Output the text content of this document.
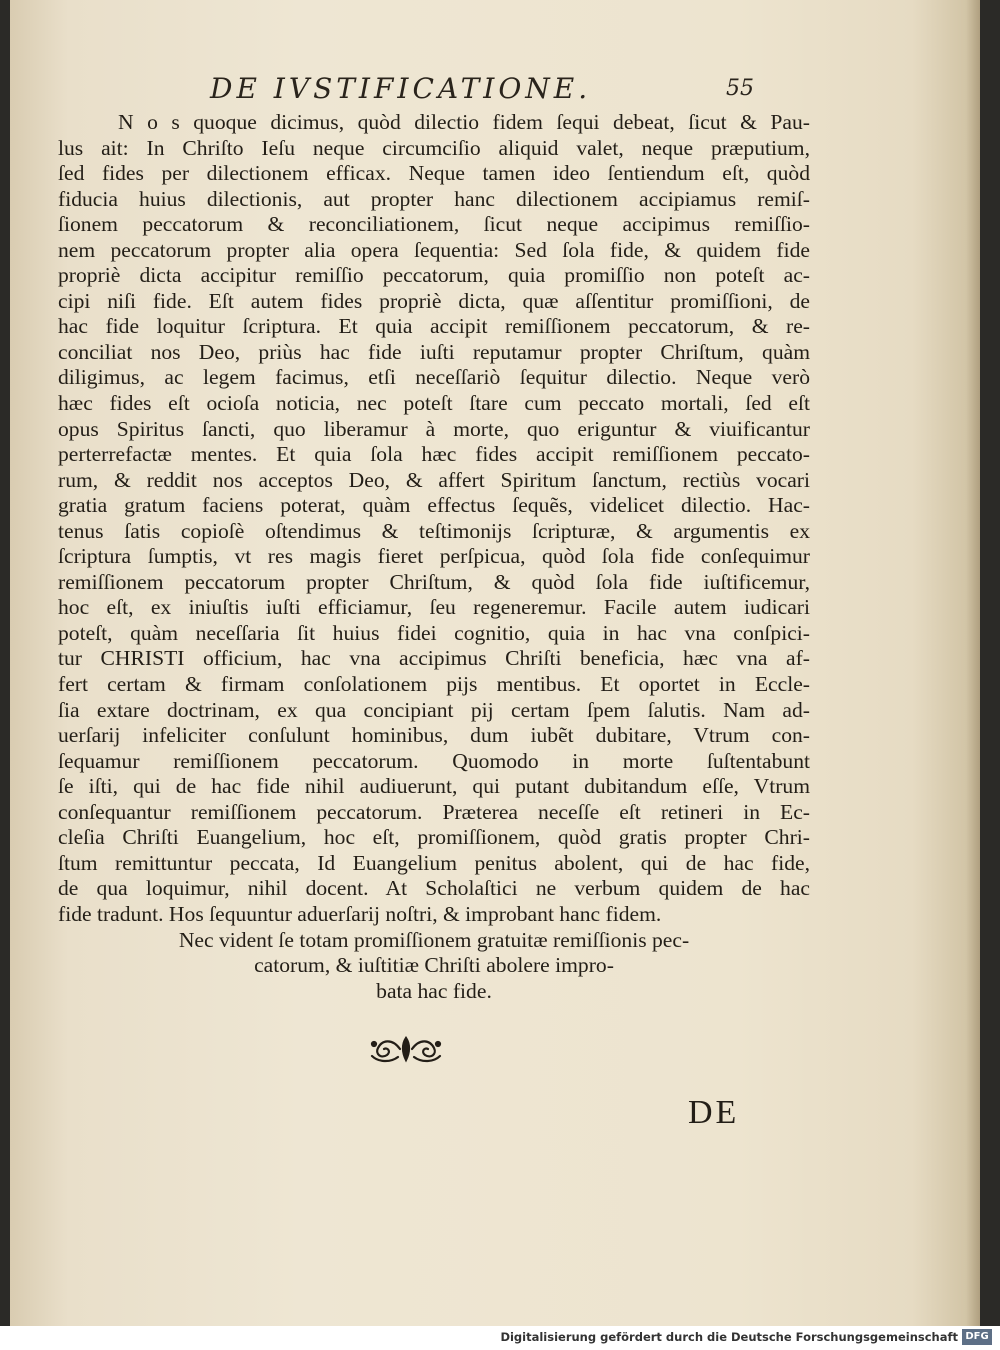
DE IVSTIFICATIONE.	55
N o s quoque dicimus, quòd dilectio fidem ſequi debeat, ſicut & Pau-
lus ait: In Chriſto Ieſu neque circumciſio aliquid valet, neque præputium,
ſed fides per dilectionem efficax. Neque tamen ideo ſentiendum eſt, quòd
fiducia huius dilectionis, aut propter hanc dilectionem accipiamus remiſ-
ſionem peccatorum & reconciliationem, ſicut neque accipimus remiſſio-
nem peccatorum propter alia opera ſequentia: Sed ſola fide, & quidem fide
propriè dicta accipitur remiſſio peccatorum, quia promiſſio non poteſt ac-
cipi niſi fide. Eſt autem fides propriè dicta, quæ aſſentitur promiſſioni, de
hac fide loquitur ſcriptura. Et quia accipit remiſſionem peccatorum, & re-
conciliat nos Deo, priùs hac fide iuſti reputamur propter Chriſtum, quàm
diligimus, ac legem facimus, etſi neceſſariò ſequitur dilectio. Neque verò
hæc fides eſt ocioſa noticia, nec poteſt ſtare cum peccato mortali, ſed eſt
opus Spiritus ſancti, quo liberamur à morte, quo eriguntur & viuificantur
perterrefactæ mentes. Et quia ſola hæc fides accipit remiſſionem peccato-
rum, & reddit nos acceptos Deo, & affert Spiritum ſanctum, rectiùs vocari
gratia gratum faciens poterat, quàm effectus ſequẽs, videlicet dilectio. Hac-
tenus ſatis copioſè oſtendimus & teſtimonijs ſcripturæ, & argumentis ex
ſcriptura ſumptis, vt res magis fieret perſpicua, quòd ſola fide conſequimur
remiſſionem peccatorum propter Chriſtum, & quòd ſola fide iuſtificemur,
hoc eſt, ex iniuſtis iuſti efficiamur, ſeu regeneremur. Facile autem iudicari
poteſt, quàm neceſſaria ſit huius fidei cognitio, quia in hac vna conſpici-
tur CHRISTI officium, hac vna accipimus Chriſti beneficia, hæc vna af-
fert certam & firmam conſolationem pijs mentibus. Et oportet in Eccle-
ſia extare doctrinam, ex qua concipiant pij certam ſpem ſalutis. Nam ad-
uerſarij infeliciter conſulunt hominibus, dum iubẽt dubitare, Vtrum con-
ſequamur remiſſionem peccatorum. Quomodo in morte ſuſtentabunt
ſe iſti, qui de hac fide nihil audiuerunt, qui putant dubitandum eſſe, Vtrum
conſequantur remiſſionem peccatorum. Præterea neceſſe eſt retineri in Ec-
cleſia Chriſti Euangelium, hoc eſt, promiſſionem, quòd gratis propter Chri-
ſtum remittuntur peccata, Id Euangelium penitus abolent, qui de hac fide,
de qua loquimur, nihil docent. At Scholaſtici ne verbum quidem de hac
fide tradunt. Hos ſequuntur aduerſarij noſtri, & improbant hanc fidem.
Nec vident ſe totam promiſſionem gratuitæ remiſſionis pec-
catorum, & iuſtitiæ Chriſti abolere impro-
bata hac fide.
DE
Digitalisierung gefördert durch die Deutsche Forschungsgemeinschaft DFG
